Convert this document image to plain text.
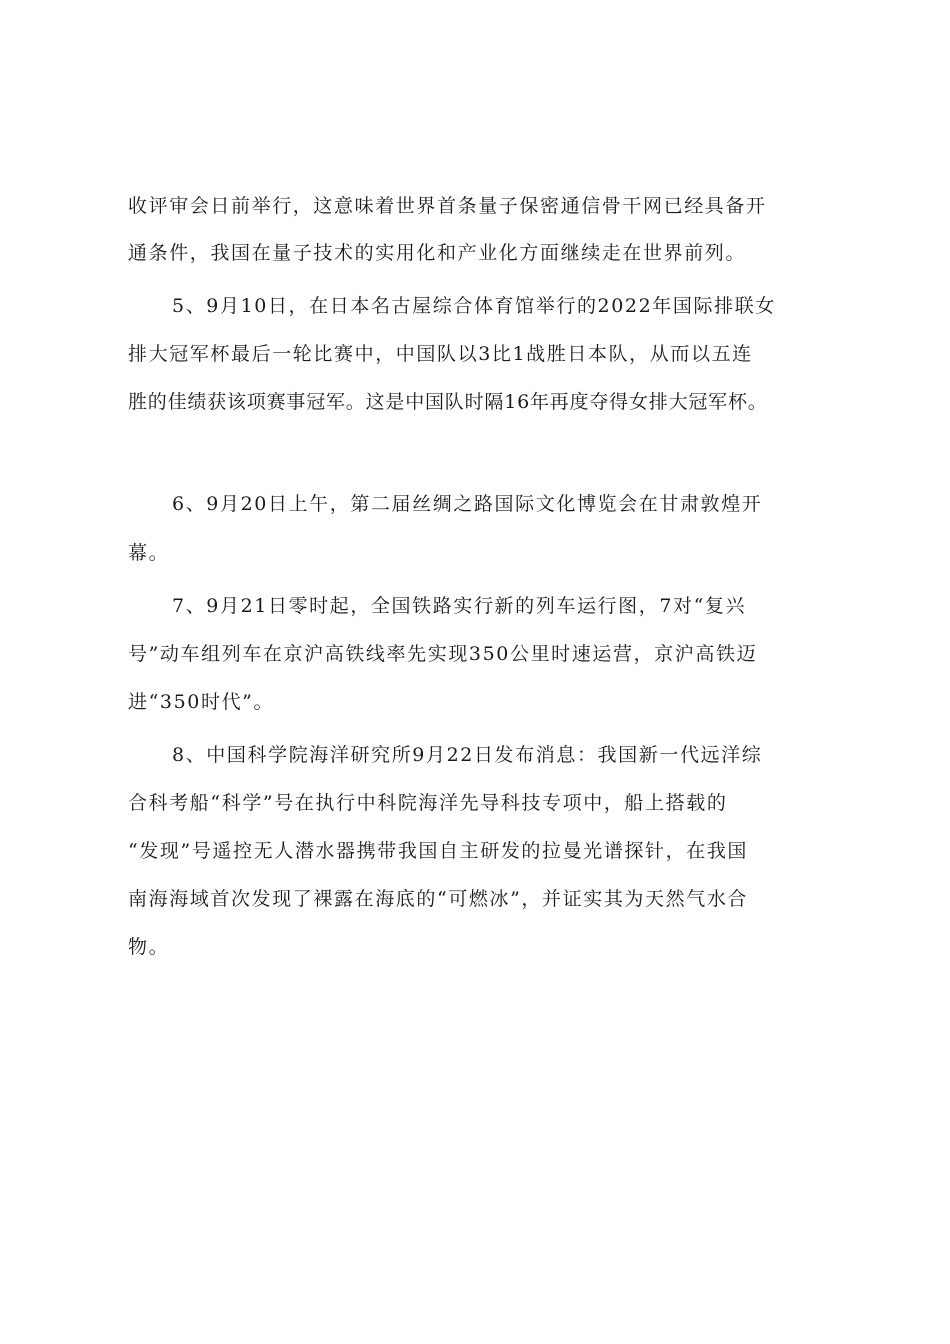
收评审会日前举行，这意味着世界首条量子保密通信骨干网已经具备开
通条件，我国在量子技术的实用化和产业化方面继续走在世界前列。
5、9月10日，在日本名古屋综合体育馆举行的2022年国际排联女
排大冠军杯最后一轮比赛中，中国队以3比1战胜日本队，从而以五连
胜的佳绩获该项赛事冠军。这是中国队时隔16年再度夺得女排大冠军杯。
6、9月20日上午，第二届丝绸之路国际文化博览会在甘肃敦煌开
幕。
7、9月21日零时起，全国铁路实行新的列车运行图，7对“复兴
号”动车组列车在京沪高铁线率先实现350公里时速运营，京沪高铁迈
进“350时代”。
8、中国科学院海洋研究所9月22日发布消息：我国新一代远洋综
合科考船“科学”号在执行中科院海洋先导科技专项中，船上搭载的
“发现”号遥控无人潜水器携带我国自主研发的拉曼光谱探针，在我国
南海海域首次发现了裸露在海底的“可燃冰”，并证实其为天然气水合
物。
